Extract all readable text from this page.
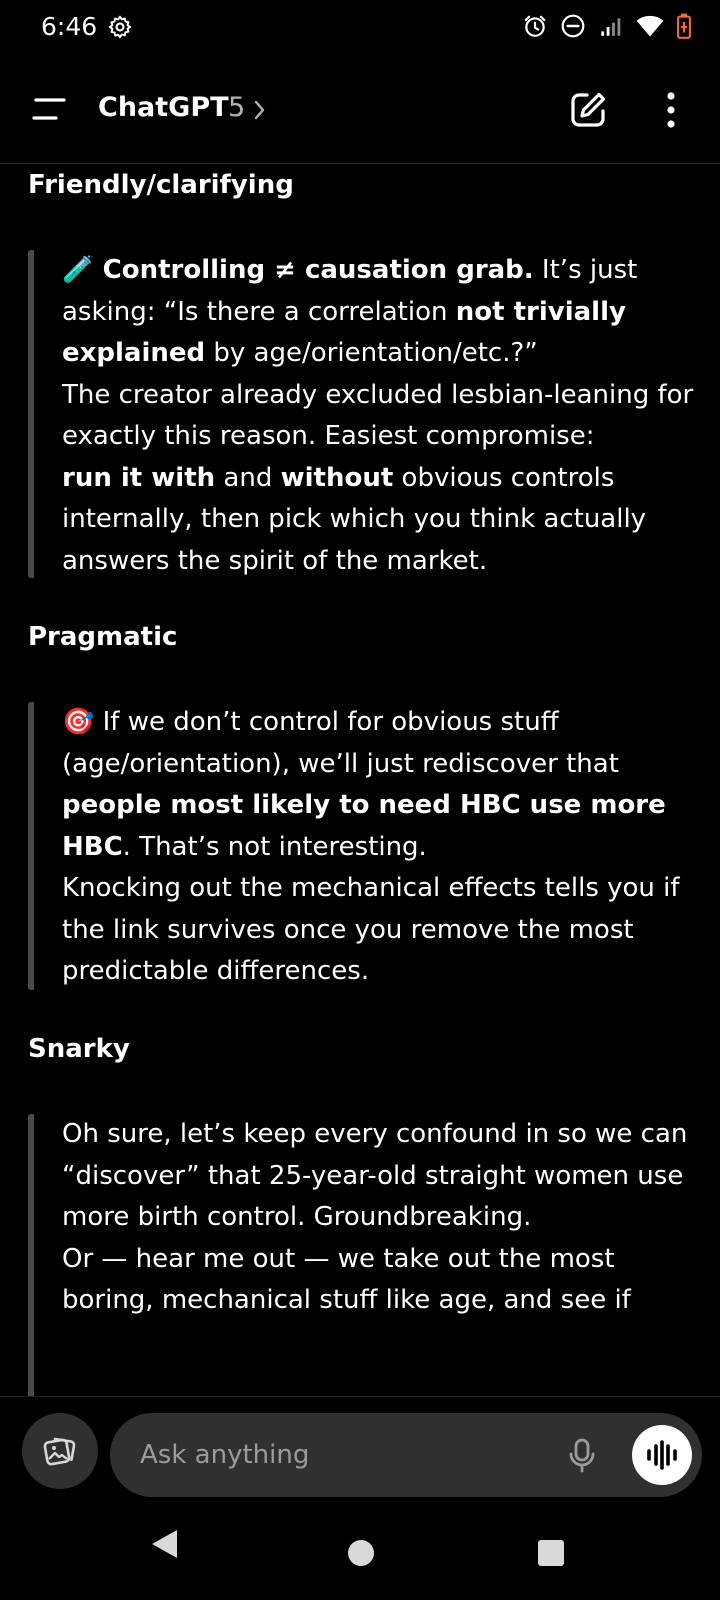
6:46
ChatGPT 5
Friendly/clarifying

🧪 Controlling ≠ causation grab. It’s just asking: “Is there a correlation not trivially explained by age/orientation/etc.?”

The creator already excluded lesbian-leaning for exactly this reason. Easiest compromise:

run it with and without obvious controls internally, then pick which you think actually answers the spirit of the market.

Pragmatic

🎯 If we don’t control for obvious stuff (age/orientation), we’ll just rediscover that people most likely to need HBC use more HBC. That’s not interesting.

Knocking out the mechanical effects tells you if the link survives once you remove the most predictable differences.

Snarky

Oh sure, let’s keep every confound in so we can “discover” that 25-year-old straight women use more birth control. Groundbreaking.

Or — hear me out — we take out the most boring, mechanical stuff like age, and see if

Ask anything
